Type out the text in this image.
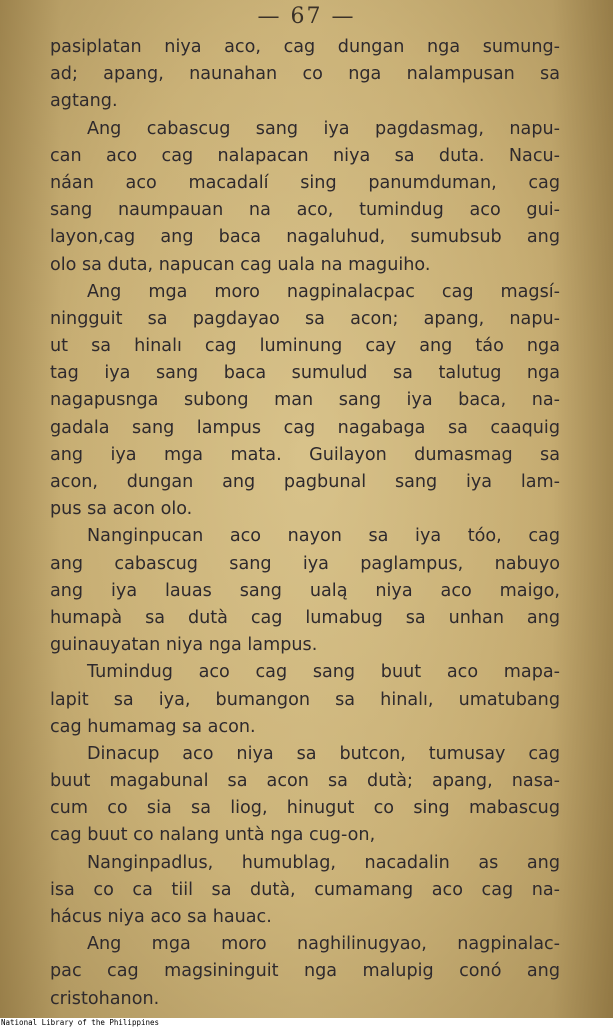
— 67 —
pasiplatan niya aco, cag dungan nga sumung-
ad; apang, naunahan co nga nalampusan sa
agtang.
Ang cabascug sang iya pagdasmag, napu-
can aco cag nalapacan niya sa duta. Nacu-
náan aco macadalí sing panumduman, cag
sang naumpauan na aco, tumindug aco gui-
layon,cag ang baca nagaluhud, sumubsub ang
olo sa duta, napucan cag uala na maguiho.
Ang mga moro nagpinalacpac cag magsí-
ningguit sa pagdayao sa acon; apang, napu-
ut sa hinalı cag luminung cay ang táo nga
tag iya sang baca sumulud sa talutug nga
nagapusnga subong man sang iya baca, na-
gadala sang lampus cag nagabaga sa caaquig
ang iya mga mata. Guilayon dumasmag sa
acon, dungan ang pagbunal sang iya lam-
pus sa acon olo.
Nanginpucan aco nayon sa iya tóo, cag
ang cabascug sang iya paglampus, nabuyo
ang iya lauas sang ualą niya aco maigo,
humapà sa dutà cag lumabug sa unhan ang
guinauyatan niya nga lampus.
Tumindug aco cag sang buut aco mapa-
lapit sa iya, bumangon sa hinalı, umatubang
cag humamag sa acon.
Dinacup aco niya sa butcon, tumusay cag
buut magabunal sa acon sa dutà; apang, nasa-
cum co sia sa liog, hinugut co sing mabascug
cag buut co nalang untà nga cug-on,
Nanginpadlus, humublag, nacadalin as ang
isa co ca tiil sa dutà, cumamang aco cag na-
hácus niya aco sa hauac.
Ang mga moro naghilinugyao, nagpinalac-
pac cag magsininguit nga malupig conó ang
cristohanon.
National Library of the Philippines
